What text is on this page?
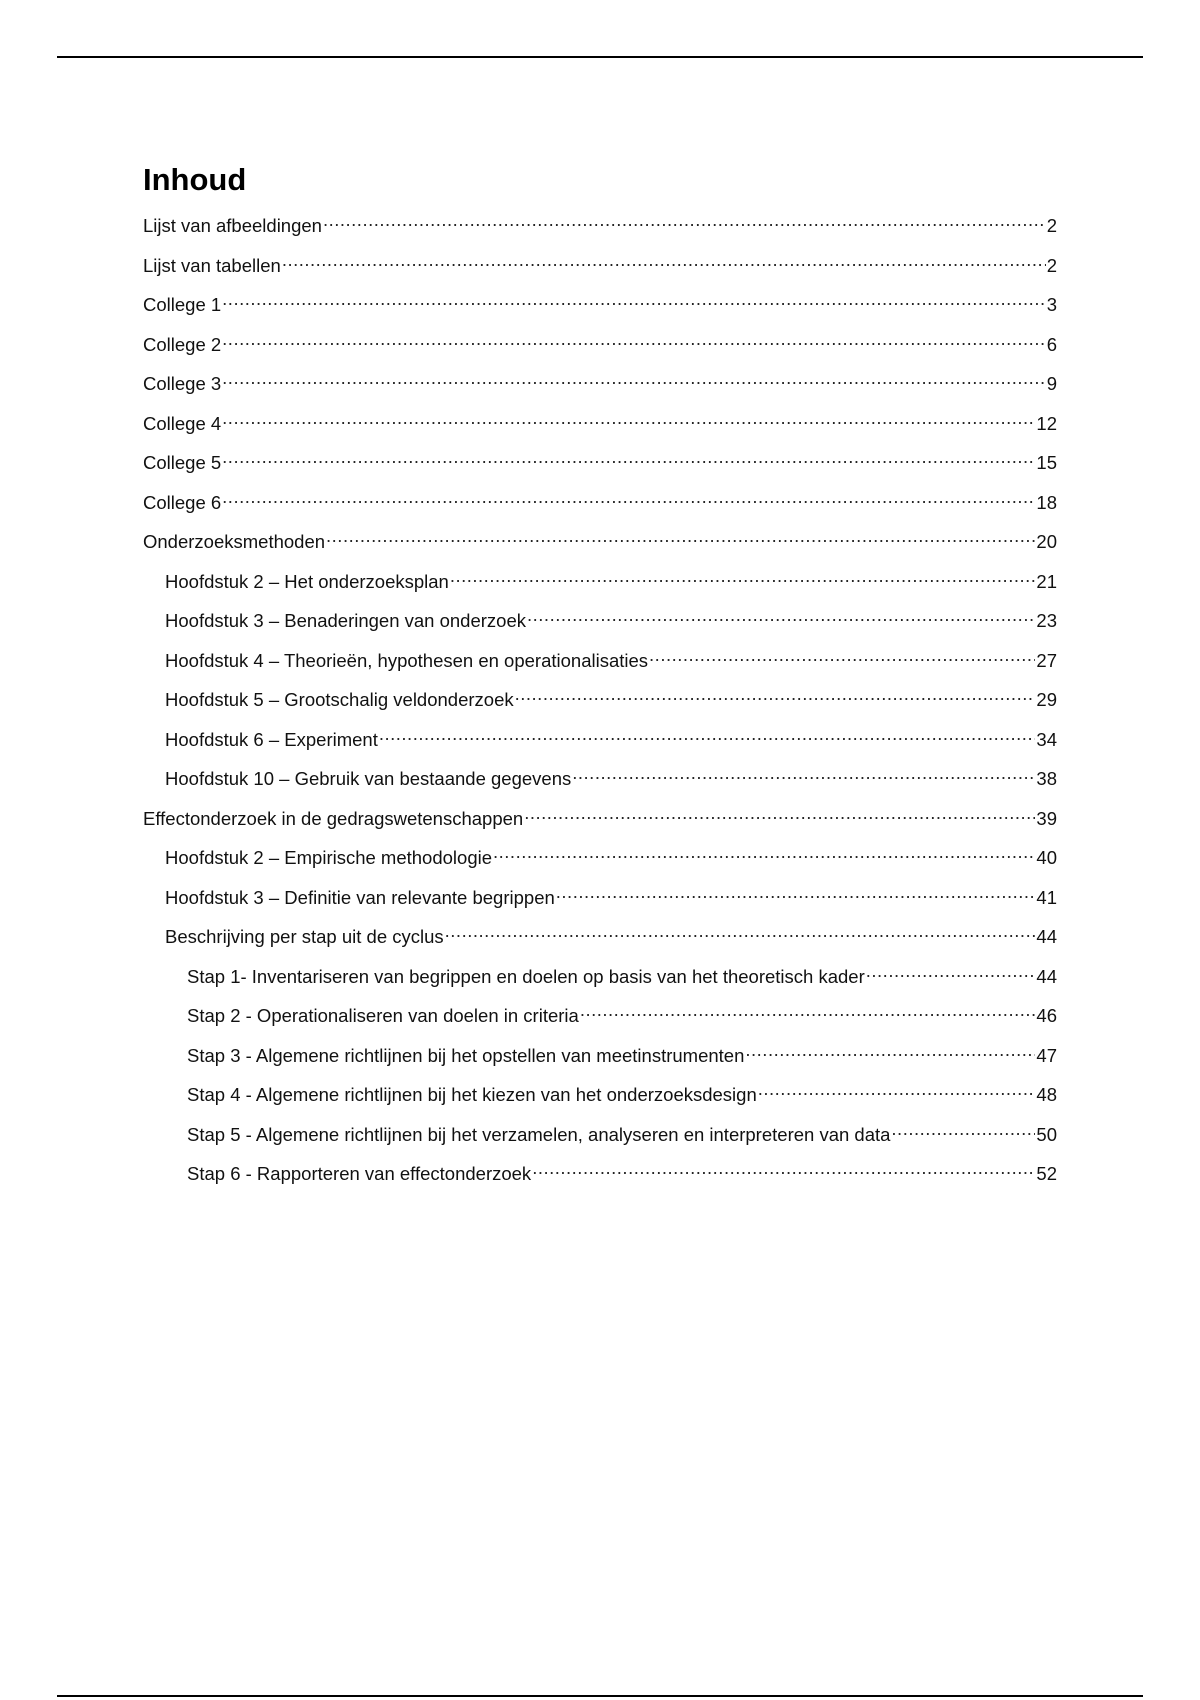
Inhoud
Lijst van afbeeldingen .....	2
Lijst van tabellen .....	2
College 1 .....	3
College 2 .....	6
College 3 .....	9
College 4 .....	12
College 5 .....	15
College 6 .....	18
Onderzoeksmethoden .....	20
Hoofdstuk 2 – Het onderzoeksplan .....	21
Hoofdstuk 3 – Benaderingen van onderzoek .....	23
Hoofdstuk 4 – Theorieën, hypothesen en operationalisaties .....	27
Hoofdstuk 5 – Grootschalig veldonderzoek .....	29
Hoofdstuk 6 – Experiment .....	34
Hoofdstuk 10 – Gebruik van bestaande gegevens .....	38
Effectonderzoek in de gedragswetenschappen .....	39
Hoofdstuk 2 – Empirische methodologie .....	40
Hoofdstuk 3 – Definitie van relevante begrippen .....	41
Beschrijving per stap uit de cyclus .....	44
Stap 1- Inventariseren van begrippen en doelen op basis van het theoretisch kader .....	44
Stap 2 - Operationaliseren van doelen in criteria .....	46
Stap 3 - Algemene richtlijnen bij het opstellen van meetinstrumenten .....	47
Stap 4 - Algemene richtlijnen bij het kiezen van het onderzoeksdesign .....	48
Stap 5 - Algemene richtlijnen bij het verzamelen, analyseren en interpreteren van data .....	50
Stap 6 - Rapporteren van effectonderzoek .....	52
